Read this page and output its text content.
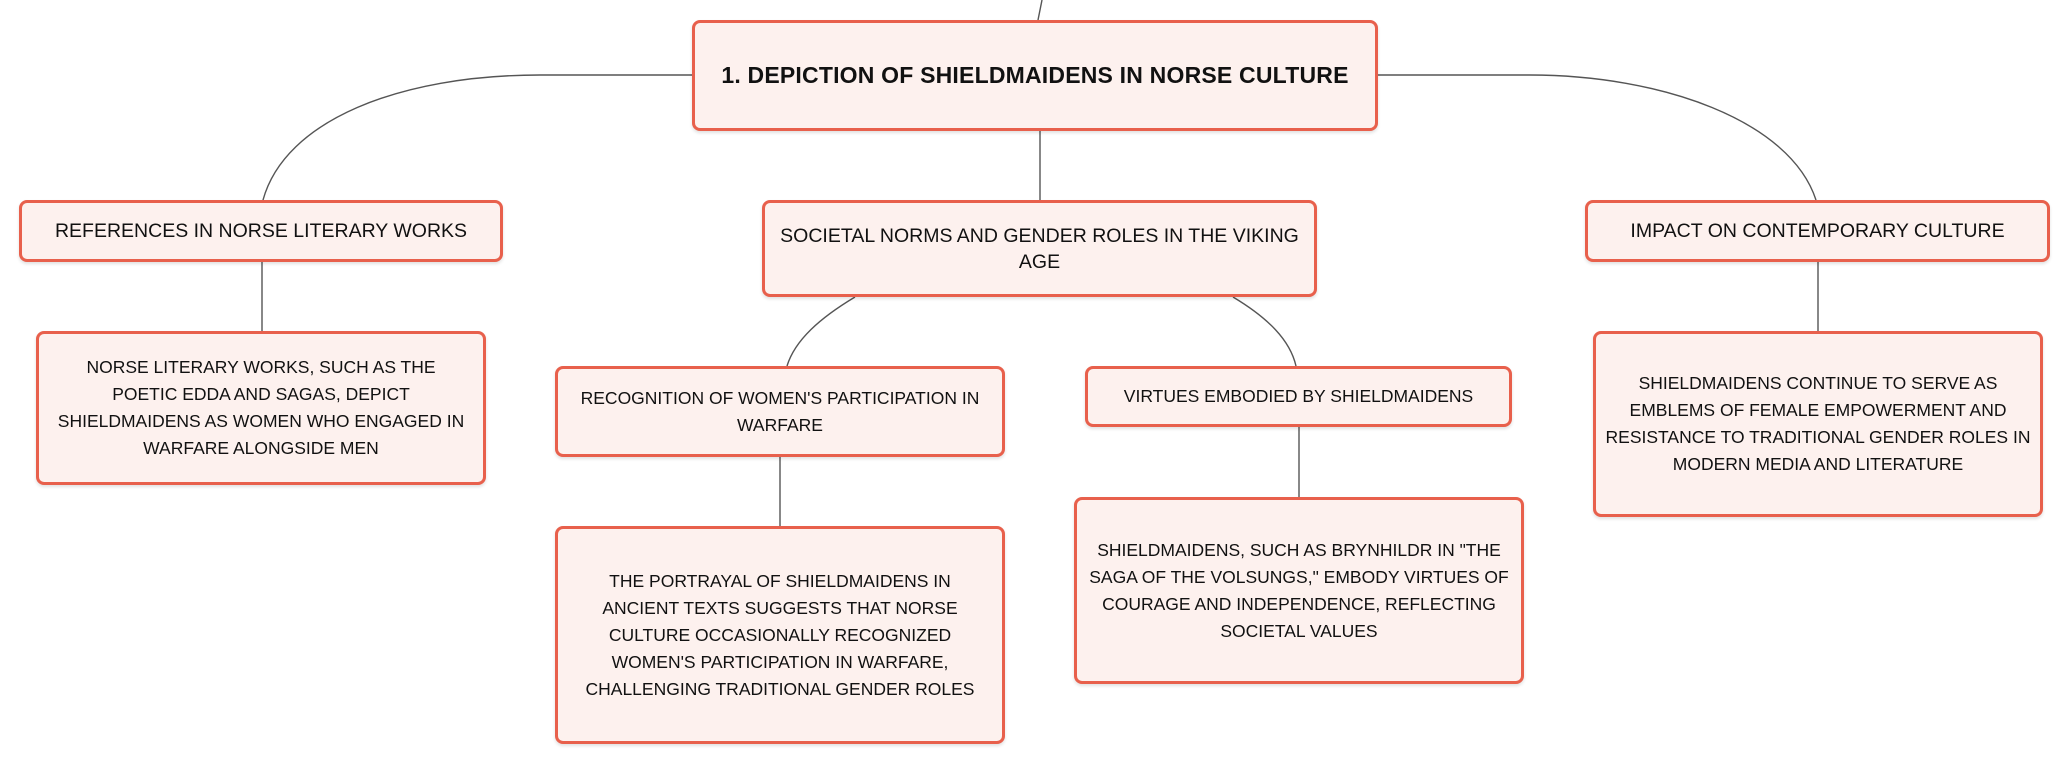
1. DEPICTION OF SHIELDMAIDENS IN NORSE CULTURE
REFERENCES IN NORSE LITERARY WORKS
NORSE LITERARY WORKS, SUCH AS THE POETIC EDDA AND SAGAS, DEPICT SHIELDMAIDENS AS WOMEN WHO ENGAGED IN WARFARE ALONGSIDE MEN
SOCIETAL NORMS AND GENDER ROLES IN THE VIKING AGE
RECOGNITION OF WOMEN'S PARTICIPATION IN WARFARE
THE PORTRAYAL OF SHIELDMAIDENS IN ANCIENT TEXTS SUGGESTS THAT NORSE CULTURE OCCASIONALLY RECOGNIZED WOMEN'S PARTICIPATION IN WARFARE, CHALLENGING TRADITIONAL GENDER ROLES
VIRTUES EMBODIED BY SHIELDMAIDENS
SHIELDMAIDENS, SUCH AS BRYNHILDR IN "THE SAGA OF THE VOLSUNGS," EMBODY VIRTUES OF COURAGE AND INDEPENDENCE, REFLECTING SOCIETAL VALUES
IMPACT ON CONTEMPORARY CULTURE
SHIELDMAIDENS CONTINUE TO SERVE AS EMBLEMS OF FEMALE EMPOWERMENT AND RESISTANCE TO TRADITIONAL GENDER ROLES IN MODERN MEDIA AND LITERATURE
